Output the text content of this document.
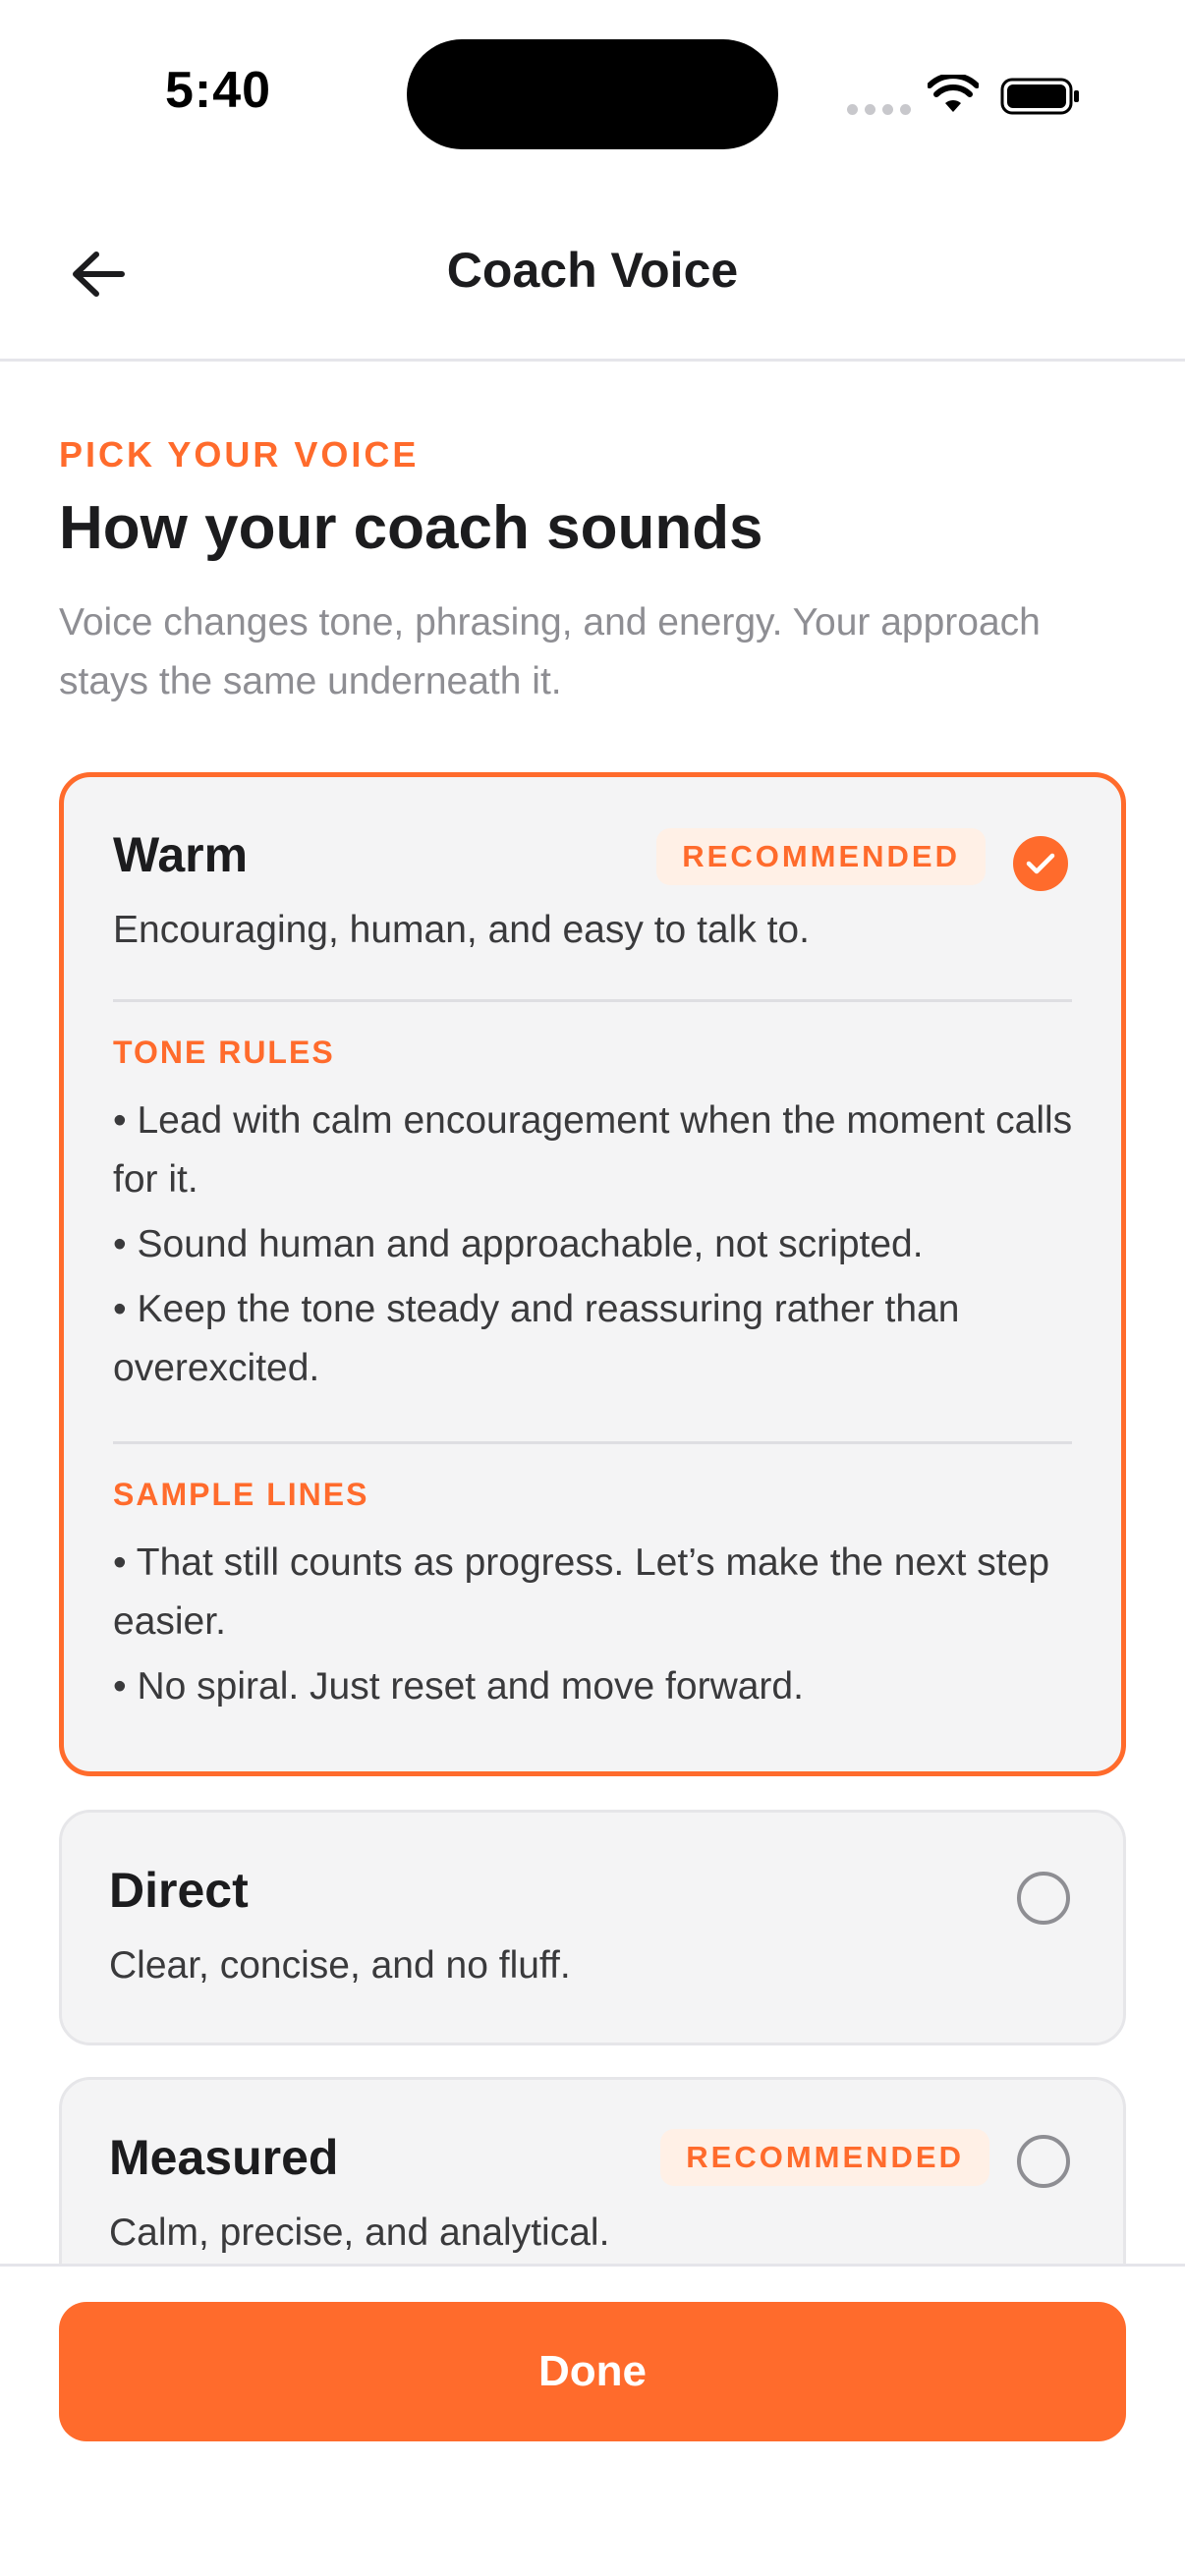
5:40
Coach Voice
PICK YOUR VOICE
How your coach sounds
Voice changes tone, phrasing, and energy. Your approach stays the same underneath it.
Warm	RECOMMENDED
Encouraging, human, and easy to talk to.
TONE RULES
• Lead with calm encouragement when the moment calls for it.
• Sound human and approachable, not scripted.
• Keep the tone steady and reassuring rather than overexcited.
SAMPLE LINES
• That still counts as progress. Let’s make the next step easier.
• No spiral. Just reset and move forward.
Direct
Clear, concise, and no fluff.
Measured	RECOMMENDED
Calm, precise, and analytical.
Done
